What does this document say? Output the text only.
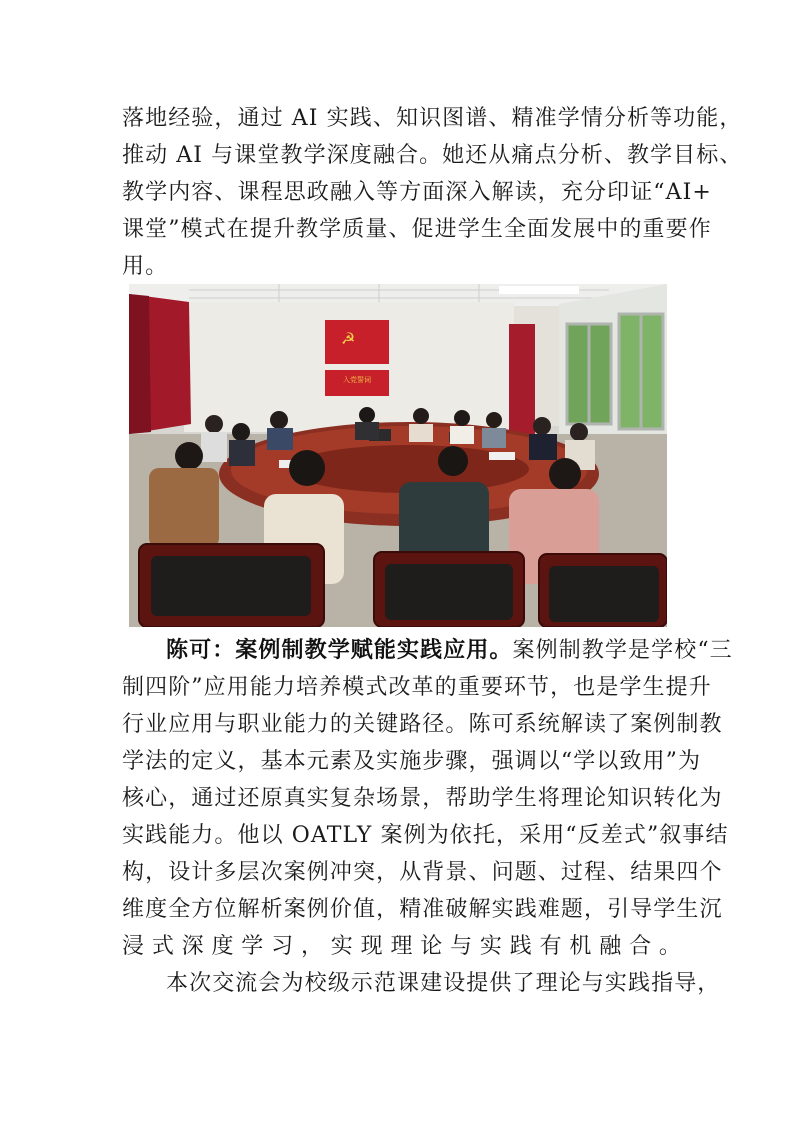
落地经验，通过 AI 实践、知识图谱、精准学情分析等功能，
推动 AI 与课堂教学深度融合。她还从痛点分析、教学目标、
教学内容、课程思政融入等方面深入解读，充分印证“AI+
课堂”模式在提升教学质量、促进学生全面发展中的重要作
用。
☭
入党誓词
陈可：案例制教学赋能实践应用。案例制教学是学校“三
制四阶”应用能力培养模式改革的重要环节，也是学生提升
行业应用与职业能力的关键路径。陈可系统解读了案例制教
学法的定义，基本元素及实施步骤，强调以“学以致用”为
核心，通过还原真实复杂场景，帮助学生将理论知识转化为
实践能力。他以 OATLY 案例为依托，采用“反差式”叙事结
构，设计多层次案例冲突，从背景、问题、过程、结果四个
维度全方位解析案例价值，精准破解实践难题，引导学生沉
浸式深度学习，实现理论与实践有机融合。
本次交流会为校级示范课建设提供了理论与实践指导，
